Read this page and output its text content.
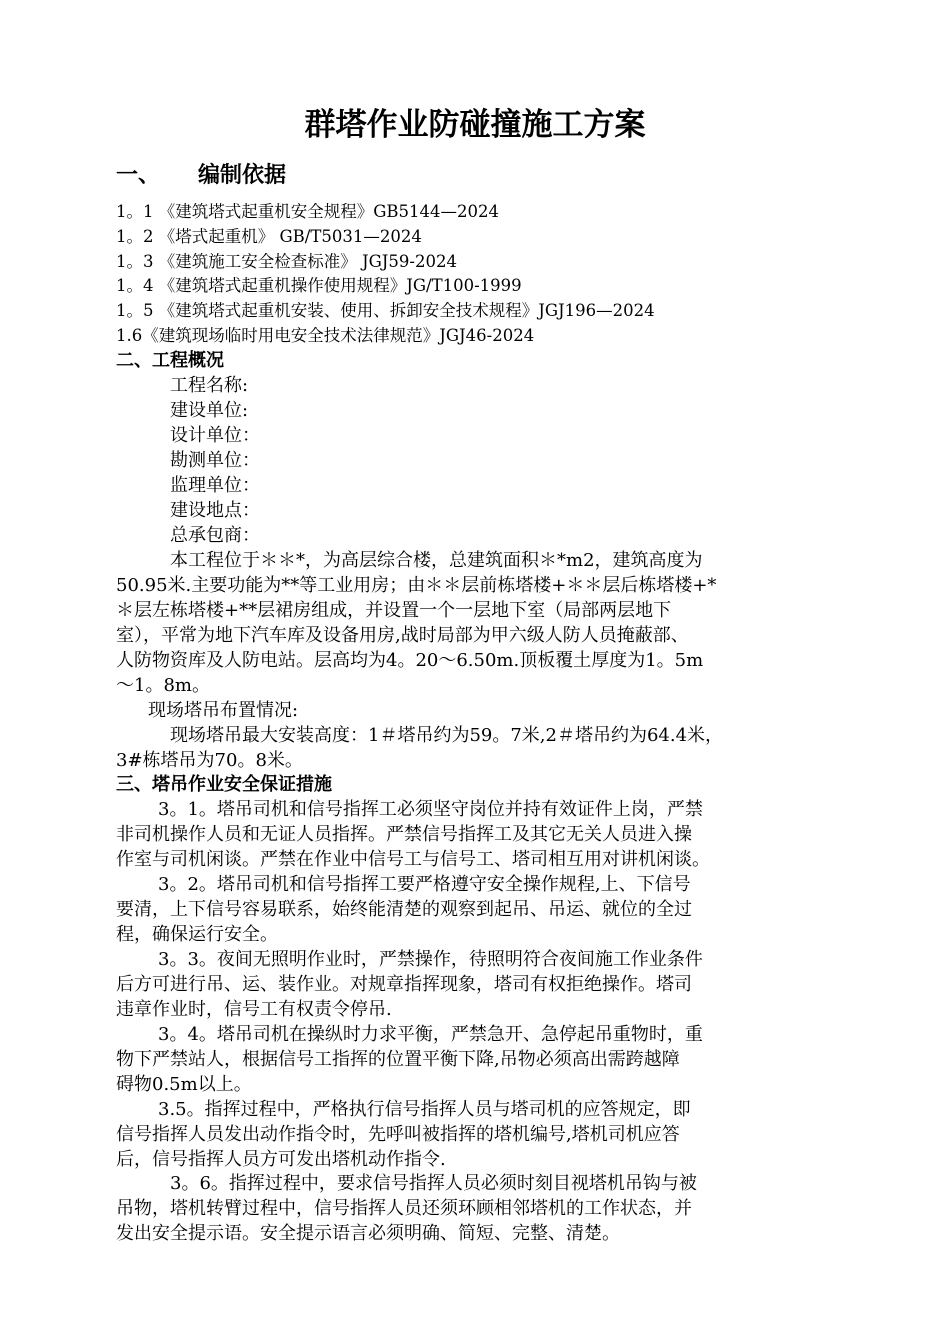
群塔作业防碰撞施工方案
一、 编制依据
1。1 《建筑塔式起重机安全规程》GB5144—2024
1。2 《塔式起重机》 GB/T5031—2024
1。3 《建筑施工安全检查标准》 JGJ59-2024
1。4 《建筑塔式起重机操作使用规程》JG/T100-1999
1。5 《建筑塔式起重机安装、使用、拆卸安全技术规程》JGJ196—2024
1.6《建筑现场临时用电安全技术法律规范》JGJ46-2024
二、工程概况
工程名称:
建设单位:
设计单位：
勘测单位：
监理单位：
建设地点：
总承包商：
本工程位于＊＊*，为高层综合楼，总建筑面积＊*m2，建筑高度为
50.95米.主要功能为**等工业用房；由＊＊层前栋塔楼+＊＊层后栋塔楼+*
＊层左栋塔楼+**层裙房组成，并设置一个一层地下室（局部两层地下
室），平常为地下汽车库及设备用房,战时局部为甲六级人防人员掩蔽部、
人防物资库及人防电站。层高均为4。20～6.50m.顶板覆土厚度为1。5m
～1。8m。
现场塔吊布置情况:
现场塔吊最大安装高度：1＃塔吊约为59。7米,2＃塔吊约为64.4米，
3#栋塔吊为70。8米。
三、塔吊作业安全保证措施
3。1。塔吊司机和信号指挥工必须坚守岗位并持有效证件上岗，严禁
非司机操作人员和无证人员指挥。严禁信号指挥工及其它无关人员进入操
作室与司机闲谈。严禁在作业中信号工与信号工、塔司相互用对讲机闲谈。
3。2。塔吊司机和信号指挥工要严格遵守安全操作规程,上、下信号
要清，上下信号容易联系，始终能清楚的观察到起吊、吊运、就位的全过
程，确保运行安全。
3。3。夜间无照明作业时，严禁操作，待照明符合夜间施工作业条件
后方可进行吊、运、装作业。对规章指挥现象，塔司有权拒绝操作。塔司
违章作业时，信号工有权责令停吊.
3。4。塔吊司机在操纵时力求平衡，严禁急开、急停起吊重物时，重
物下严禁站人，根据信号工指挥的位置平衡下降,吊物必须高出需跨越障
碍物0.5m以上。
3.5。指挥过程中，严格执行信号指挥人员与塔司机的应答规定，即
信号指挥人员发出动作指令时，先呼叫被指挥的塔机编号,塔机司机应答
后，信号指挥人员方可发出塔机动作指令.
3。6。指挥过程中，要求信号指挥人员必须时刻目视塔机吊钩与被
吊物，塔机转臂过程中，信号指挥人员还须环顾相邻塔机的工作状态，并
发出安全提示语。安全提示语言必须明确、简短、完整、清楚。
